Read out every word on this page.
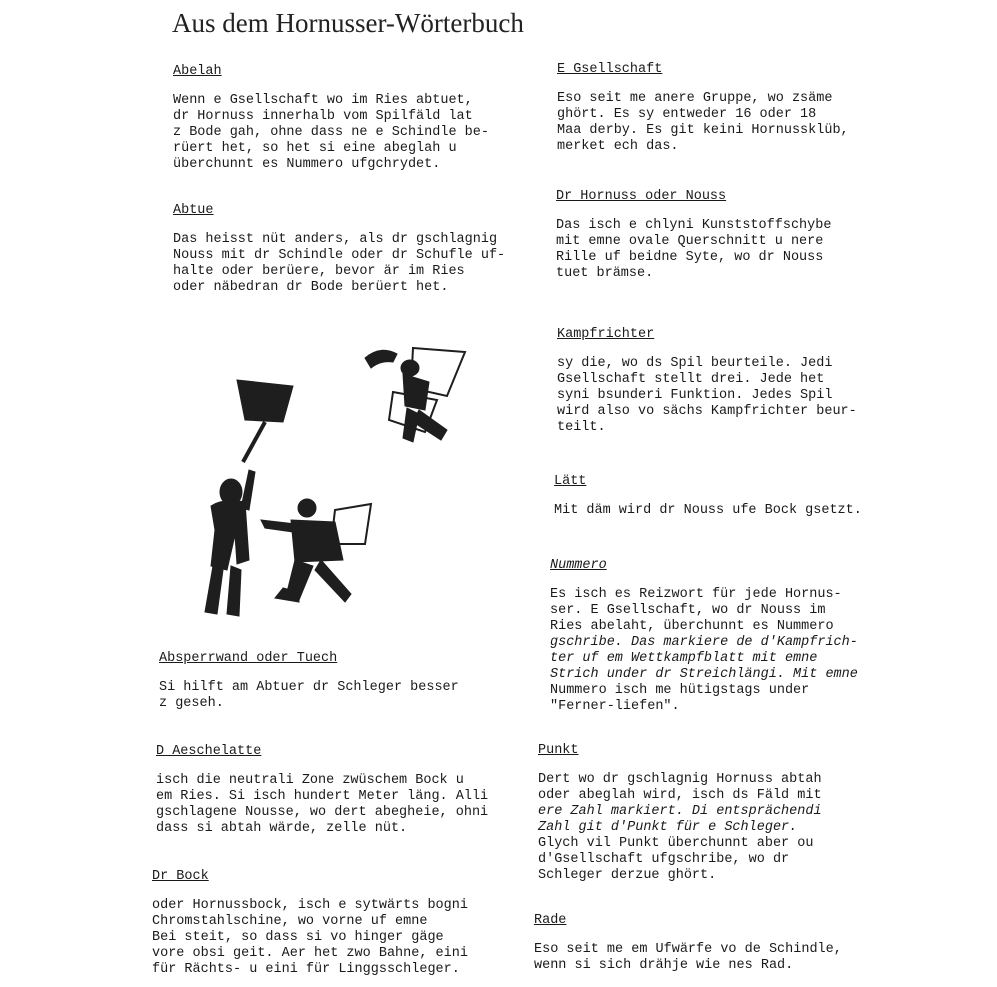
Aus dem Hornusser-Wörterbuch
Abelah
Wenn e Gsellschaft wo im Ries abtuet,
dr Hornuss innerhalb vom Spilfäld lat
z Bode gah, ohne dass ne e Schindle be-
rüert het, so het si eine abeglah u
überchunnt es Nummero ufgchrydet.
Abtue
Das heisst nüt anders, als dr gschlagnig
Nouss mit dr Schindle oder dr Schufle uf-
halte oder berüere, bevor är im Ries
oder näbedran dr Bode berüert het.
Absperrwand oder Tuech
Si hilft am Abtuer dr Schleger besser
z geseh.
D Aeschelatte
isch die neutrali Zone zwüschem Bock u
em Ries. Si isch hundert Meter läng. Alli
gschlagene Nousse, wo dert abegheie, ohni
dass si abtah wärde, zelle nüt.
Dr Bock
oder Hornussbock, isch e sytwärts bogni
Chromstahlschine, wo vorne uf emne
Bei steit, so dass si vo hinger gäge
vore obsi geit. Aer het zwo Bahne, eini
für Rächts- u eini für Linggsschleger.
E Gsellschaft
Eso seit me anere Gruppe, wo zsäme
ghört. Es sy entweder 16 oder 18
Maa derby. Es git keini Hornussklüb,
merket ech das.
Dr Hornuss oder Nouss
Das isch e chlyni Kunststoffschybe
mit emne ovale Querschnitt u nere
Rille uf beidne Syte, wo dr Nouss
tuet brämse.
Kampfrichter
sy die, wo ds Spil beurteile. Jedi
Gsellschaft stellt drei. Jede het
syni bsunderi Funktion. Jedes Spil
wird also vo sächs Kampfrichter beur-
teilt.
Lätt
Mit däm wird dr Nouss ufe Bock gsetzt.
Nummero
Es isch es Reizwort für jede Hornus-
ser. E Gsellschaft, wo dr Nouss im
Ries abelaht, überchunnt es Nummero
gschribe. Das markiere de d'Kampfrich-
ter uf em Wettkampfblatt mit emne
Strich under dr Streichlängi. Mit emne
Nummero isch me hütigstags under
"Ferner-liefen".
Punkt
Dert wo dr gschlagnig Hornuss abtah
oder abeglah wird, isch ds Fäld mit
ere Zahl markiert. Di entsprächendi
Zahl git d'Punkt für e Schleger.
Glych vil Punkt überchunnt aber ou
d'Gsellschaft ufgschribe, wo dr
Schleger derzue ghört.
Rade
Eso seit me em Ufwärfe vo de Schindle,
wenn si sich drähje wie nes Rad.
